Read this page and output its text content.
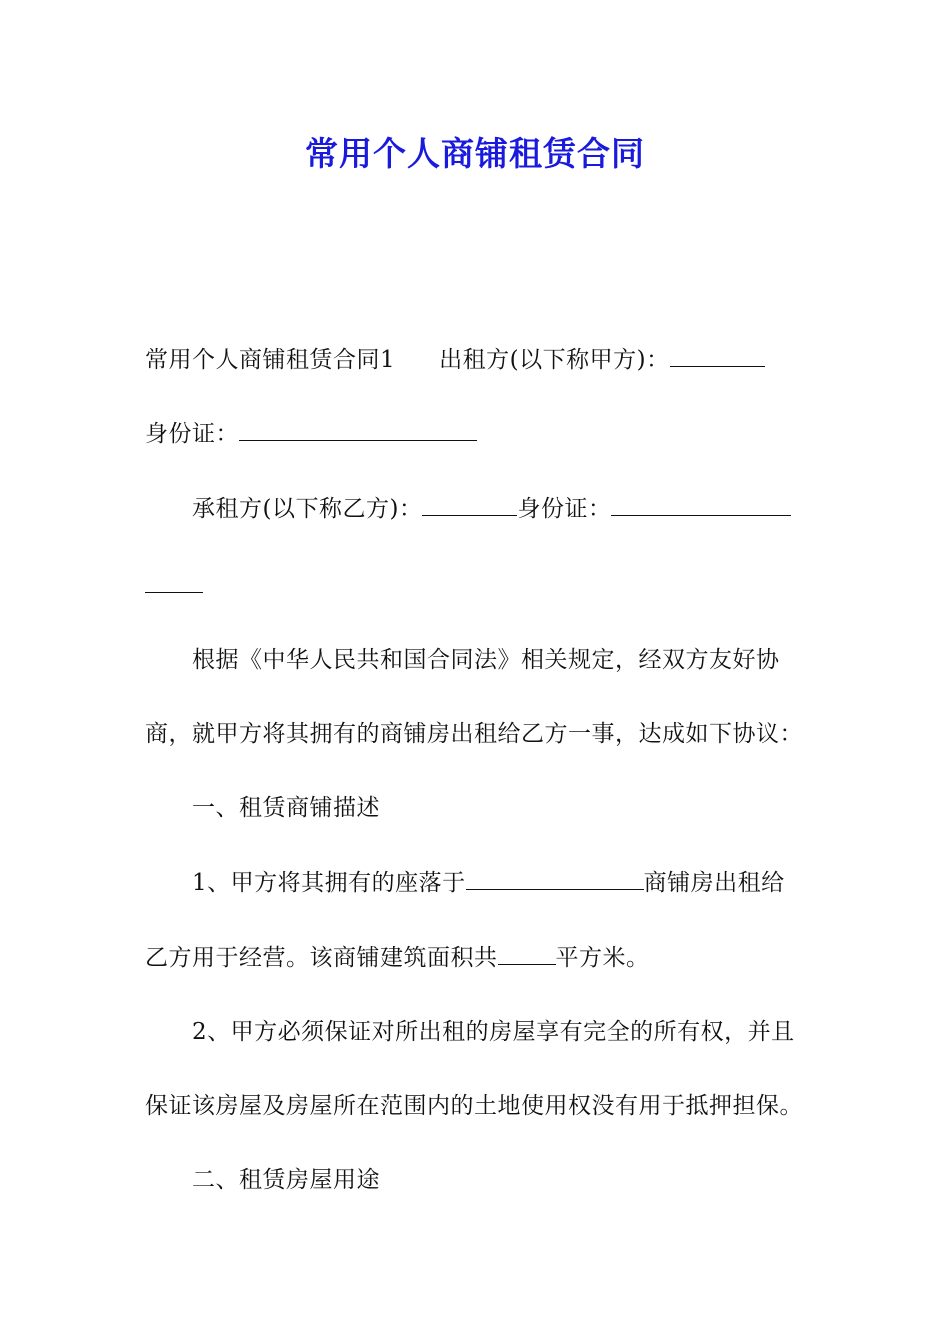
常用个人商铺租赁合同
常用个人商铺租赁合同1 出租方(以下称甲方)：
身份证：
承租方(以下称乙方)：	身份证：
根据《中华人民共和国合同法》相关规定，经双方友好协
商，就甲方将其拥有的商铺房出租给乙方一事，达成如下协议：
一、租赁商铺描述
1、甲方将其拥有的座落于	商铺房出租给
乙方用于经营。该商铺建筑面积共	平方米。
2、甲方必须保证对所出租的房屋享有完全的所有权，并且
保证该房屋及房屋所在范围内的土地使用权没有用于抵押担保。
二、租赁房屋用途
